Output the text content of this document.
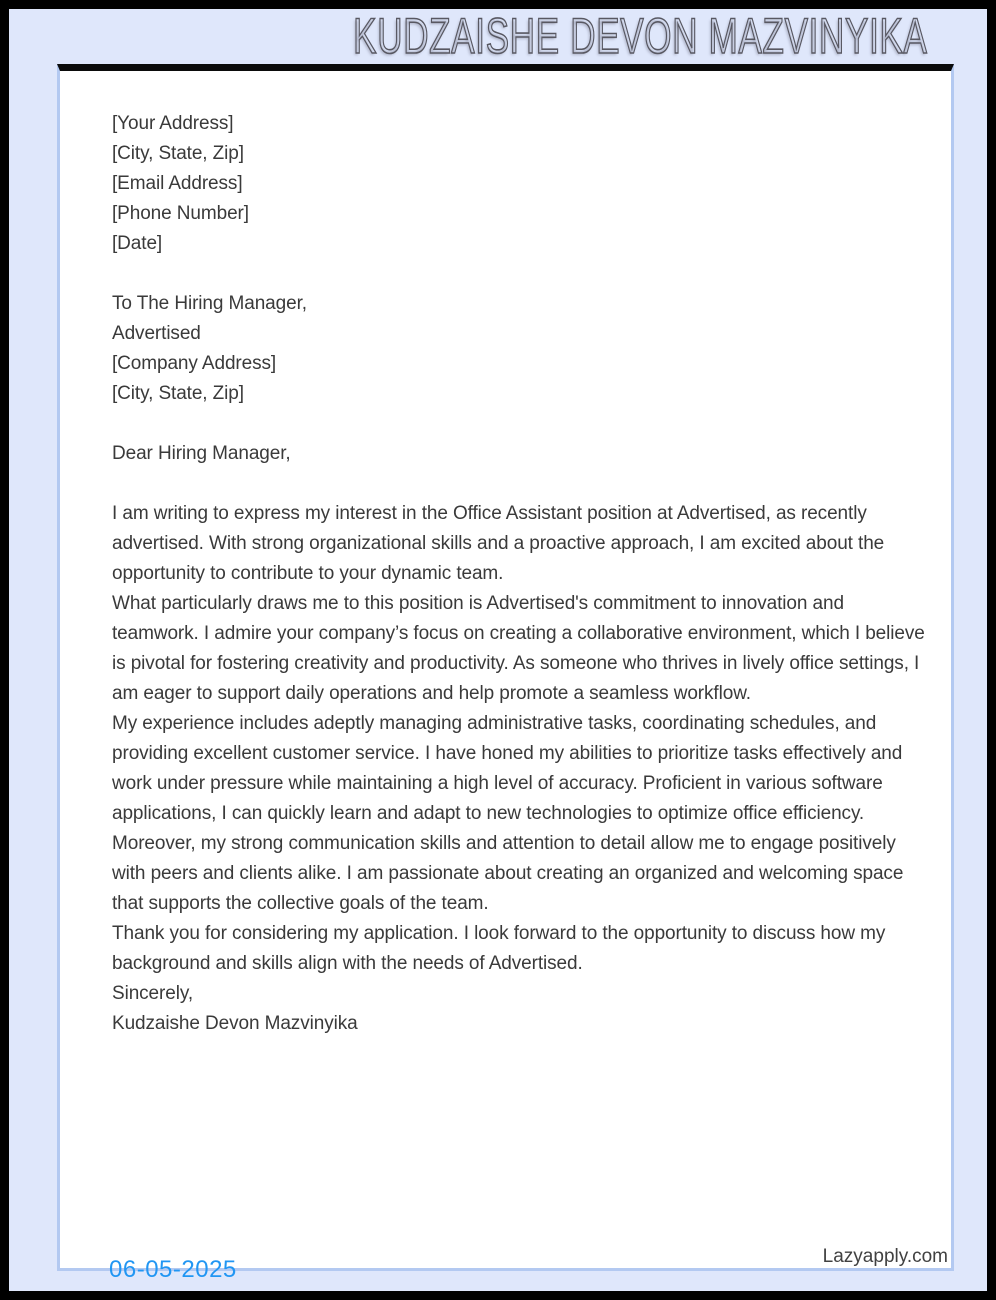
KUDZAISHE DEVON MAZVINYIKA

[Your Address]

[City, State, Zip]

[Email Address]

[Phone Number]

[Date]

To The Hiring Manager,

Advertised

[Company Address]

[City, State, Zip]

Dear Hiring Manager,

I am writing to express my interest in the Office Assistant position at Advertised, as recently advertised. With strong organizational skills and a proactive approach, I am excited about the opportunity to contribute to your dynamic team.

What particularly draws me to this position is Advertised's commitment to innovation and teamwork. I admire your company’s focus on creating a collaborative environment, which I believe is pivotal for fostering creativity and productivity. As someone who thrives in lively office settings, I am eager to support daily operations and help promote a seamless workflow.

My experience includes adeptly managing administrative tasks, coordinating schedules, and providing excellent customer service. I have honed my abilities to prioritize tasks effectively and work under pressure while maintaining a high level of accuracy. Proficient in various software applications, I can quickly learn and adapt to new technologies to optimize office efficiency.

Moreover, my strong communication skills and attention to detail allow me to engage positively with peers and clients alike. I am passionate about creating an organized and welcoming space that supports the collective goals of the team.

Thank you for considering my application. I look forward to the opportunity to discuss how my background and skills align with the needs of Advertised.

Sincerely,

Kudzaishe Devon Mazvinyika

Lazyapply.com
06-05-2025
